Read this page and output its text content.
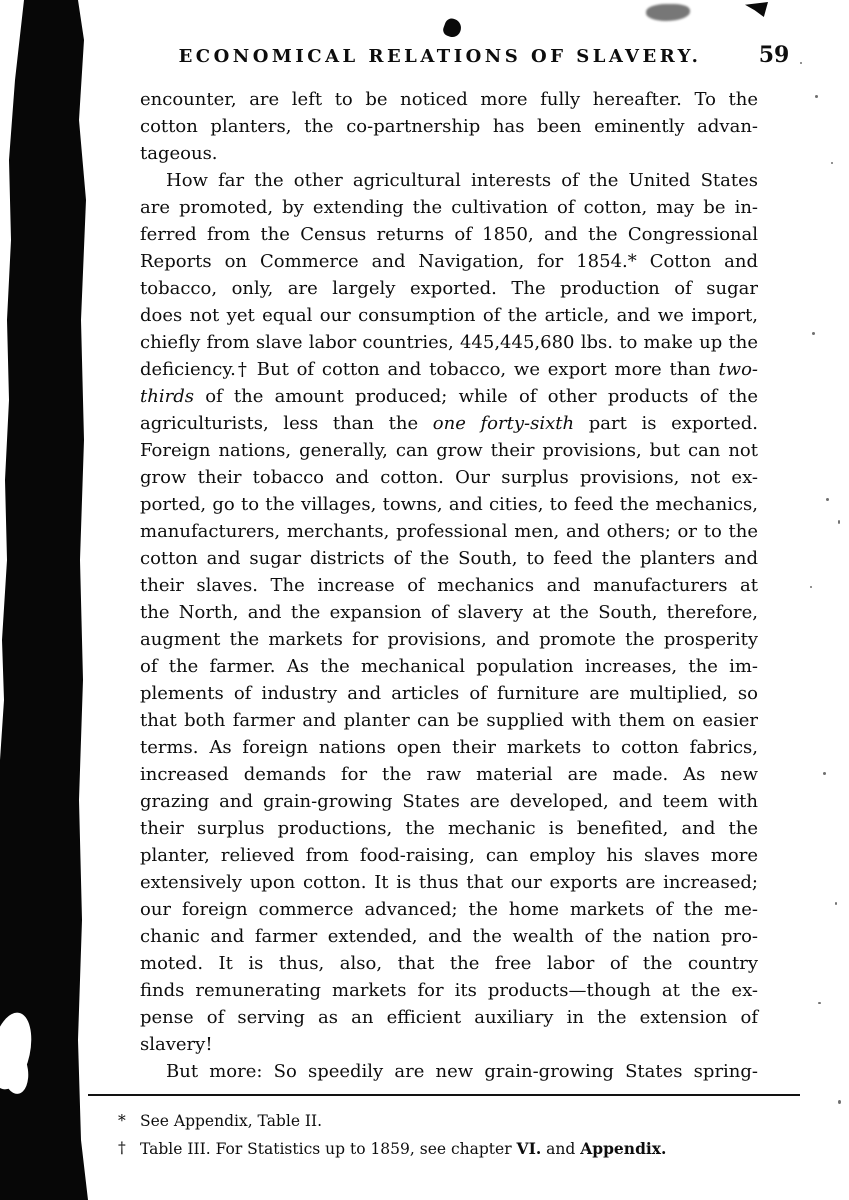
ECONOMICAL RELATIONS OF SLAVERY.	59
encounter, are left to be noticed more fully hereafter. To the
cotton planters, the co-partnership has been eminently advan-
tageous.
How far the other agricultural interests of the United States
are promoted, by extending the cultivation of cotton, may be in-
ferred from the Census returns of 1850, and the Congressional
Reports on Commerce and Navigation, for 1854.* Cotton and
tobacco, only, are largely exported. The production of sugar
does not yet equal our consumption of the article, and we import,
chiefly from slave labor countries, 445,445,680 lbs. to make up the
deficiency.† But of cotton and tobacco, we export more than two-
thirds of the amount produced; while of other products of the
agriculturists, less than the one forty-sixth part is exported.
Foreign nations, generally, can grow their provisions, but can not
grow their tobacco and cotton. Our surplus provisions, not ex-
ported, go to the villages, towns, and cities, to feed the mechanics,
manufacturers, merchants, professional men, and others; or to the
cotton and sugar districts of the South, to feed the planters and
their slaves. The increase of mechanics and manufacturers at
the North, and the expansion of slavery at the South, therefore,
augment the markets for provisions, and promote the prosperity
of the farmer. As the mechanical population increases, the im-
plements of industry and articles of furniture are multiplied, so
that both farmer and planter can be supplied with them on easier
terms. As foreign nations open their markets to cotton fabrics,
increased demands for the raw material are made. As new
grazing and grain-growing States are developed, and teem with
their surplus productions, the mechanic is benefited, and the
planter, relieved from food-raising, can employ his slaves more
extensively upon cotton. It is thus that our exports are increased;
our foreign commerce advanced; the home markets of the me-
chanic and farmer extended, and the wealth of the nation pro-
moted. It is thus, also, that the free labor of the country
finds remunerating markets for its products—though at the ex-
pense of serving as an efficient auxiliary in the extension of
slavery!
But more: So speedily are new grain-growing States spring-
* See Appendix, Table II.
† Table III. For Statistics up to 1859, see chapter VI. and Appendix.
